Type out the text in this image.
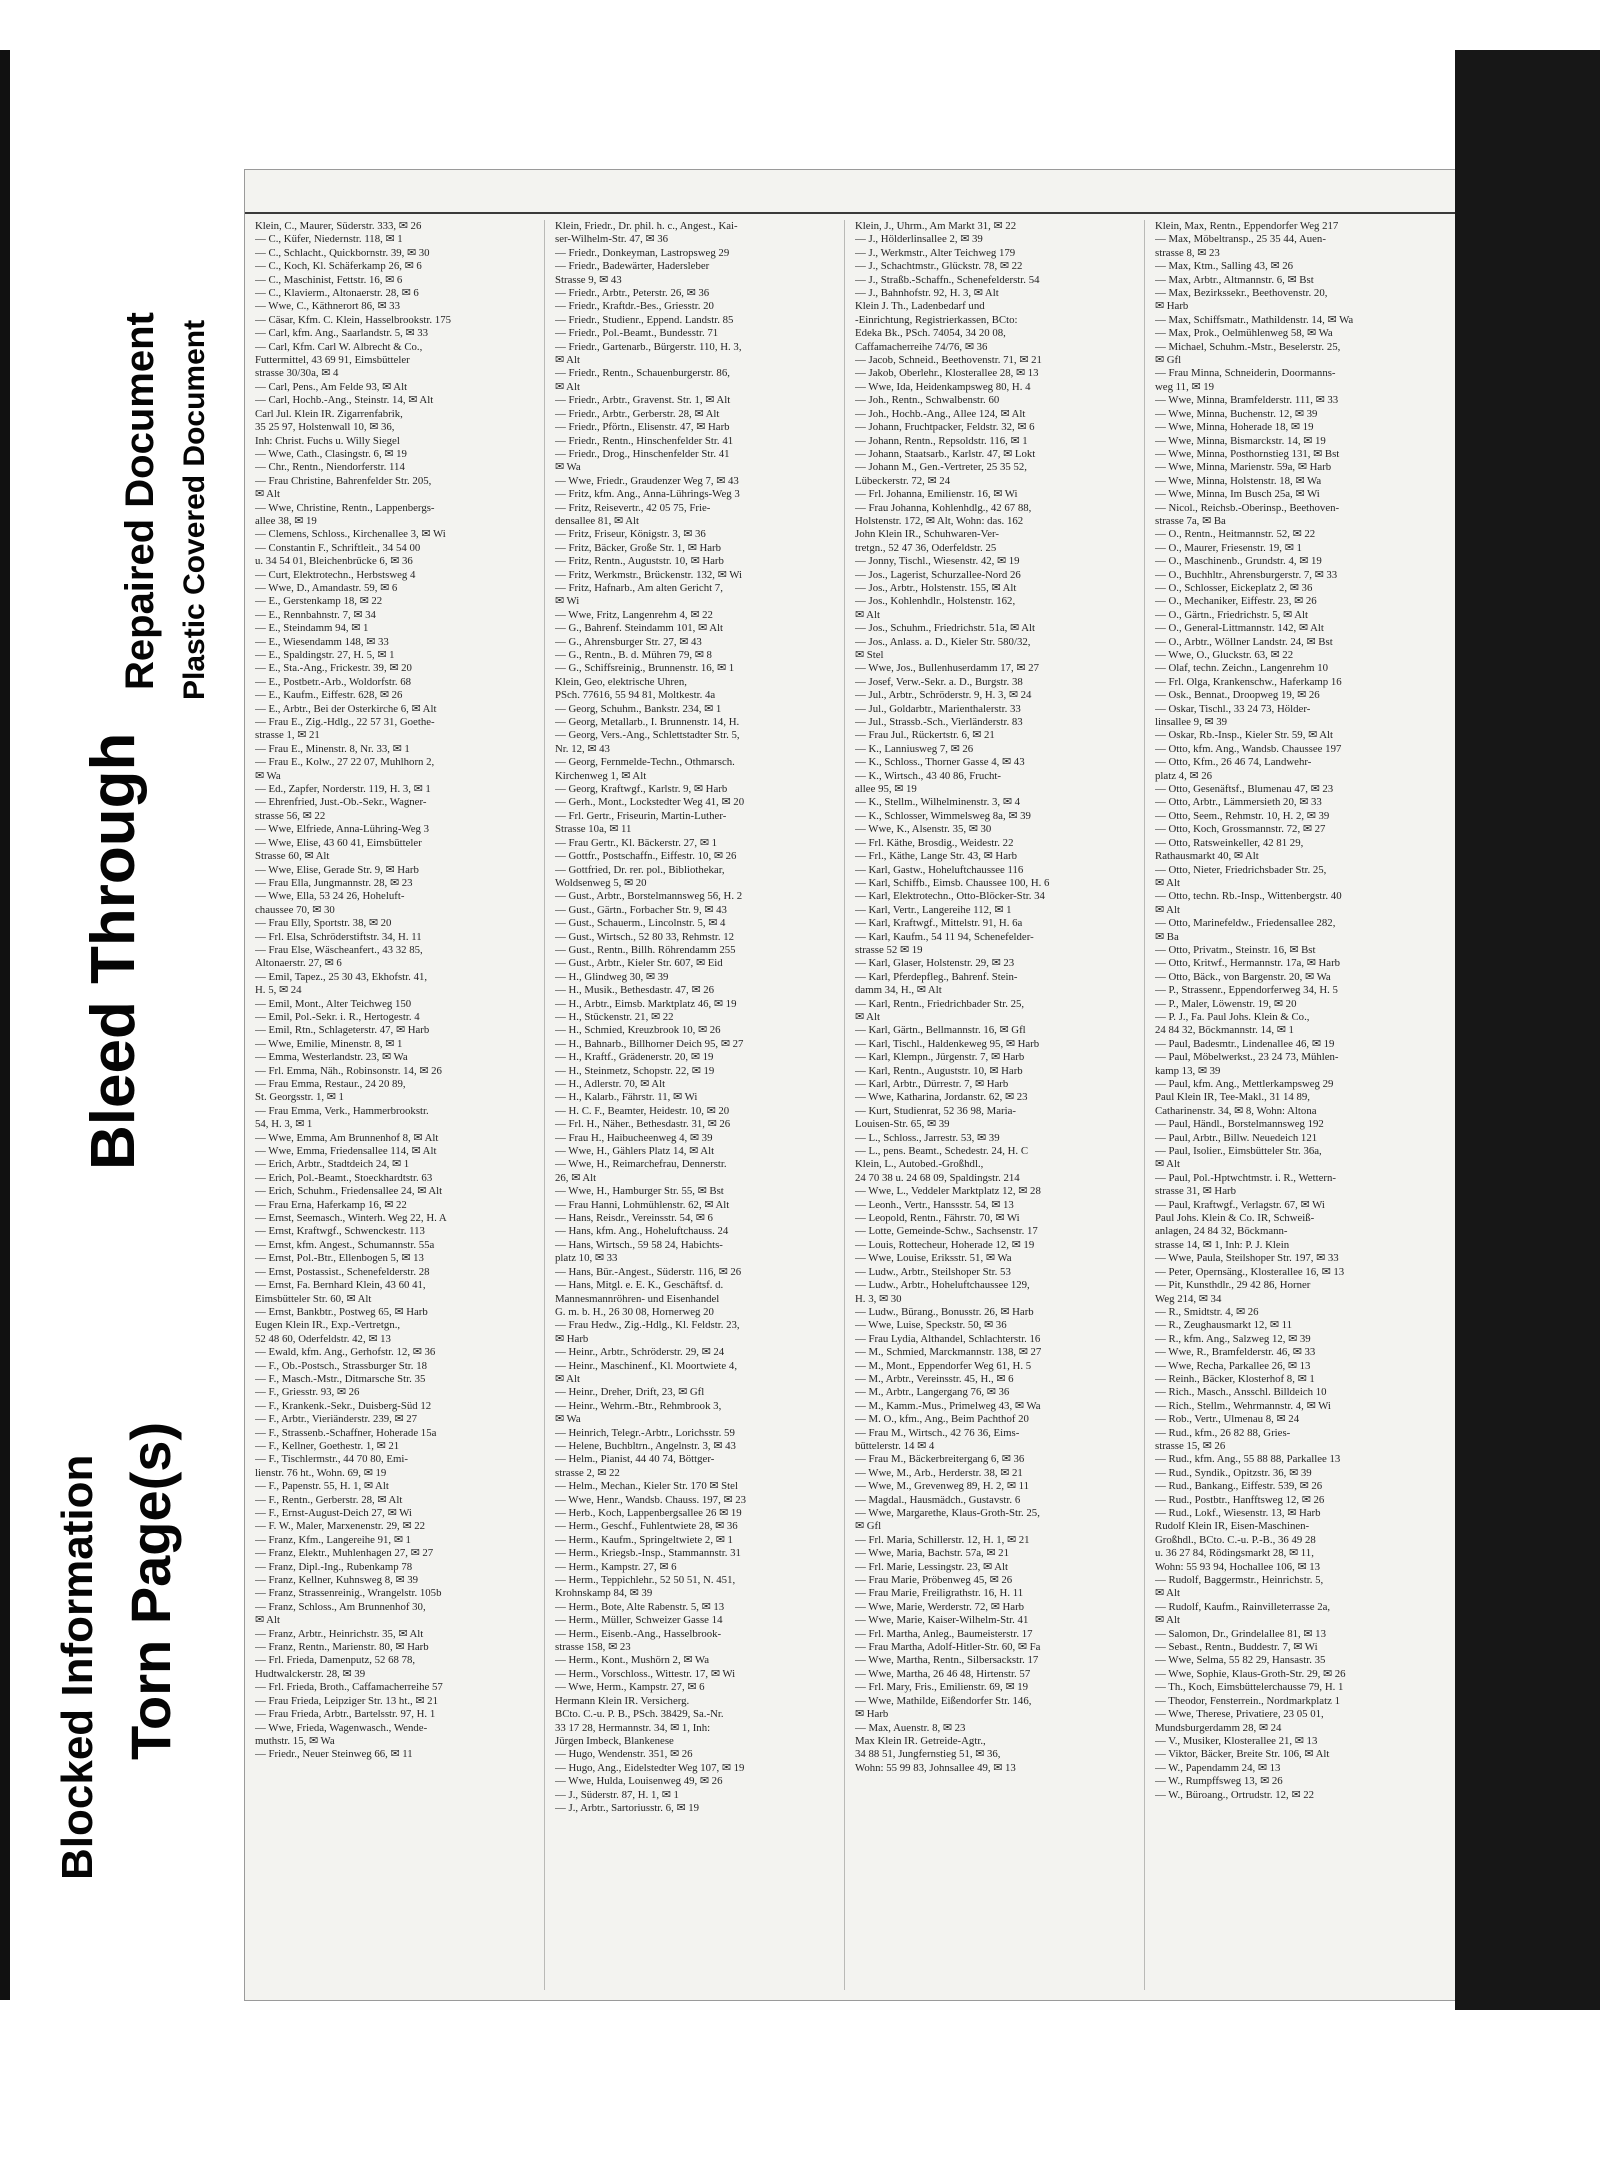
Blocked Information Torn Page(s)
Bleed Through
Repaired Document Plastic Covered Document
Klein, C., Maurer, Süderstr. 333, ✉ 26
— C., Küfer, Niedernstr. 118, ✉ 1
— C., Schlacht., Quickbornstr. 39, ✉ 30
— C., Koch, Kl. Schäferkamp 26, ✉ 6
— C., Maschinist, Fettstr. 16, ✉ 6
— C., Klavierm., Altonaerstr. 28, ✉ 6
— Wwe, C., Käthnerort 86, ✉ 33
— Cäsar, Kfm. C. Klein, Hasselbrookstr. 175
— Carl, kfm. Ang., Saarlandstr. 5, ✉ 33
— Carl, Kfm. Carl W. Albrecht & Co.,
Futtermittel, 43 69 91, Eimsbütteler
strasse 30/30a, ✉ 4
— Carl, Pens., Am Felde 93, ✉ Alt
— Carl, Hochb.-Ang., Steinstr. 14, ✉ Alt
Carl Jul. Klein IR. Zigarrenfabrik,
35 25 97, Holstenwall 10, ✉ 36,
Inh: Christ. Fuchs u. Willy Siegel
— Wwe, Cath., Clasingstr. 6, ✉ 19
— Chr., Rentn., Niendorferstr. 114
— Frau Christine, Bahrenfelder Str. 205,
✉ Alt
— Wwe, Christine, Rentn., Lappenbergs-
allee 38, ✉ 19
— Clemens, Schloss., Kirchenallee 3, ✉ Wi
— Constantin F., Schriftleit., 34 54 00
u. 34 54 01, Bleichenbrücke 6, ✉ 36
— Curt, Elektrotechn., Herbstsweg 4
— Wwe, D., Amandastr. 59, ✉ 6
— E., Gerstenkamp 18, ✉ 22
— E., Rennbahnstr. 7, ✉ 34
— E., Steindamm 94, ✉ 1
— E., Wiesendamm 148, ✉ 33
— E., Spaldingstr. 27, H. 5, ✉ 1
— E., Sta.-Ang., Frickestr. 39, ✉ 20
— E., Postbetr.-Arb., Woldorfstr. 68
— E., Kaufm., Eiffestr. 628, ✉ 26
— E., Arbtr., Bei der Osterkirche 6, ✉ Alt
— Frau E., Zig.-Hdlg., 22 57 31, Goethe-
strasse 1, ✉ 21
— Frau E., Minenstr. 8, Nr. 33, ✉ 1
— Frau E., Kolw., 27 22 07, Muhlhorn 2,
✉ Wa
— Ed., Zapfer, Norderstr. 119, H. 3, ✉ 1
— Ehrenfried, Just.-Ob.-Sekr., Wagner-
strasse 56, ✉ 22
— Wwe, Elfriede, Anna-Lühring-Weg 3
— Wwe, Elise, 43 60 41, Eimsbütteler
Strasse 60, ✉ Alt
— Wwe, Elise, Gerade Str. 9, ✉ Harb
— Frau Ella, Jungmannstr. 28, ✉ 23
— Wwe, Ella, 53 24 26, Hoheluft-
chaussee 70, ✉ 30
— Frau Elly, Sportstr. 38, ✉ 20
— Frl. Elsa, Schröderstiftstr. 34, H. 11
— Frau Else, Wäscheanfert., 43 32 85,
Altonaerstr. 27, ✉ 6
— Emil, Tapez., 25 30 43, Ekhofstr. 41,
H. 5, ✉ 24
— Emil, Mont., Alter Teichweg 150
— Emil, Pol.-Sekr. i. R., Hertogestr. 4
— Emil, Rtn., Schlageterstr. 47, ✉ Harb
— Wwe, Emilie, Minenstr. 8, ✉ 1
— Emma, Westerlandstr. 23, ✉ Wa
— Frl. Emma, Näh., Robinsonstr. 14, ✉ 26
— Frau Emma, Restaur., 24 20 89,
St. Georgsstr. 1, ✉ 1
— Frau Emma, Verk., Hammerbrookstr.
54, H. 3, ✉ 1
— Wwe, Emma, Am Brunnenhof 8, ✉ Alt
— Wwe, Emma, Friedensallee 114, ✉ Alt
— Erich, Arbtr., Stadtdeich 24, ✉ 1
— Erich, Pol.-Beamt., Stoeckhardtstr. 63
— Erich, Schuhm., Friedensallee 24, ✉ Alt
— Frau Erna, Haferkamp 16, ✉ 22
— Ernst, Seemasch., Winterh. Weg 22, H. A
— Ernst, Kraftwgf., Schwenckestr. 113
— Ernst, kfm. Angest., Schumannstr. 55a
— Ernst, Pol.-Btr., Ellenbogen 5, ✉ 13
— Ernst, Postassist., Schenefelderstr. 28
— Ernst, Fa. Bernhard Klein, 43 60 41,
Eimsbütteler Str. 60, ✉ Alt
— Ernst, Bankbtr., Postweg 65, ✉ Harb
Eugen Klein IR., Exp.-Vertretgn.,
52 48 60, Oderfeldstr. 42, ✉ 13
— Ewald, kfm. Ang., Gerhofstr. 12, ✉ 36
— F., Ob.-Postsch., Strassburger Str. 18
— F., Masch.-Mstr., Ditmarsche Str. 35
— F., Griesstr. 93, ✉ 26
— F., Krankenk.-Sekr., Duisberg-Süd 12
— F., Arbtr., Vieriänderstr. 239, ✉ 27
— F., Strassenb.-Schaffner, Hoherade 15a
— F., Kellner, Goethestr. 1, ✉ 21
— F., Tischlermstr., 44 70 80, Emi-
lienstr. 76 ht., Wohn. 69, ✉ 19
— F., Papenstr. 55, H. 1, ✉ Alt
— F., Rentn., Gerberstr. 28, ✉ Alt
— F., Ernst-August-Deich 27, ✉ Wi
— F. W., Maler, Marxenenstr. 29, ✉ 22
— Franz, Kfm., Langereihe 91, ✉ 1
— Franz, Elektr., Muhlenhagen 27, ✉ 27
— Franz, Dipl.-Ing., Rubenkamp 78
— Franz, Kellner, Kuhnsweg 8, ✉ 39
— Franz, Strassenreinig., Wrangelstr. 105b
— Franz, Schloss., Am Brunnenhof 30,
✉ Alt
— Franz, Arbtr., Heinrichstr. 35, ✉ Alt
— Franz, Rentn., Marienstr. 80, ✉ Harb
— Frl. Frieda, Damenputz, 52 68 78,
Hudtwalckerstr. 28, ✉ 39
— Frl. Frieda, Broth., Caffamacherreihe 57
— Frau Frieda, Leipziger Str. 13 ht., ✉ 21
— Frau Frieda, Arbtr., Bartelsstr. 97, H. 1
— Wwe, Frieda, Wagenwasch., Wende-
muthstr. 15, ✉ Wa
— Friedr., Neuer Steinweg 66, ✉ 11
Klein, Friedr., Dr. phil. h. c., Angest., Kai-
ser-Wilhelm-Str. 47, ✉ 36
— Friedr., Donkeyman, Lastropsweg 29
— Friedr., Badewärter, Hadersleber
Strasse 9, ✉ 43
— Friedr., Arbtr., Peterstr. 26, ✉ 36
— Friedr., Kraftdr.-Bes., Griesstr. 20
— Friedr., Studienr., Eppend. Landstr. 85
— Friedr., Pol.-Beamt., Bundesstr. 71
— Friedr., Gartenarb., Bürgerstr. 110, H. 3,
✉ Alt
— Friedr., Rentn., Schauenburgerstr. 86,
✉ Alt
— Friedr., Arbtr., Gravenst. Str. 1, ✉ Alt
— Friedr., Arbtr., Gerberstr. 28, ✉ Alt
— Friedr., Pförtn., Elisenstr. 47, ✉ Harb
— Friedr., Rentn., Hinschenfelder Str. 41
— Friedr., Drog., Hinschenfelder Str. 41
✉ Wa
— Wwe, Friedr., Graudenzer Weg 7, ✉ 43
— Fritz, kfm. Ang., Anna-Lührings-Weg 3
— Fritz, Reisevertr., 42 05 75, Frie-
densallee 81, ✉ Alt
— Fritz, Friseur, Königstr. 3, ✉ 36
— Fritz, Bäcker, Große Str. 1, ✉ Harb
— Fritz, Rentn., Auguststr. 10, ✉ Harb
— Fritz, Werkmstr., Brückenstr. 132, ✉ Wi
— Fritz, Hafnarb., Am alten Gericht 7,
✉ Wi
— Wwe, Fritz, Langenrehm 4, ✉ 22
— G., Bahrenf. Steindamm 101, ✉ Alt
— G., Ahrensburger Str. 27, ✉ 43
— G., Rentn., B. d. Mühren 79, ✉ 8
— G., Schiffsreinig., Brunnenstr. 16, ✉ 1
Klein, Geo, elektrische Uhren,
PSch. 77616, 55 94 81, Moltkestr. 4a
— Georg, Schuhm., Bankstr. 234, ✉ 1
— Georg, Metallarb., I. Brunnenstr. 14, H.
— Georg, Vers.-Ang., Schlettstadter Str. 5,
Nr. 12, ✉ 43
— Georg, Fernmelde-Techn., Othmarsch.
Kirchenweg 1, ✉ Alt
— Georg, Kraftwgf., Karlstr. 9, ✉ Harb
— Gerh., Mont., Lockstedter Weg 41, ✉ 20
— Frl. Gertr., Friseurin, Martin-Luther-
Strasse 10a, ✉ 11
— Frau Gertr., Kl. Bäckerstr. 27, ✉ 1
— Gottfr., Postschaffn., Eiffestr. 10, ✉ 26
— Gottfried, Dr. rer. pol., Bibliothekar,
Woldsenweg 5, ✉ 20
— Gust., Arbtr., Borstelmannsweg 56, H. 2
— Gust., Gärtn., Forbacher Str. 9, ✉ 43
— Gust., Schauerm., Lincolnstr. 5, ✉ 4
— Gust., Wirtsch., 52 80 33, Rehmstr. 12
— Gust., Rentn., Billh. Röhrendamm 255
— Gust., Arbtr., Kieler Str. 607, ✉ Eid
— H., Glindweg 30, ✉ 39
— H., Musik., Bethesdastr. 47, ✉ 26
— H., Arbtr., Eimsb. Marktplatz 46, ✉ 19
— H., Stückenstr. 21, ✉ 22
— H., Schmied, Kreuzbrook 10, ✉ 26
— H., Bahnarb., Billhorner Deich 95, ✉ 27
— H., Kraftf., Grädenerstr. 20, ✉ 19
— H., Steinmetz, Schopstr. 22, ✉ 19
— H., Adlerstr. 70, ✉ Alt
— H., Kalarb., Fährstr. 11, ✉ Wi
— H. C. F., Beamter, Heidestr. 10, ✉ 20
— Frl. H., Näher., Bethesdastr. 31, ✉ 26
— Frau H., Haibucheenweg 4, ✉ 39
— Wwe, H., Gählers Platz 14, ✉ Alt
— Wwe, H., Reimarchefrau, Dennerstr.
26, ✉ Alt
— Wwe, H., Hamburger Str. 55, ✉ Bst
— Frau Hanni, Lohmühlenstr. 62, ✉ Alt
— Hans, Reisdr., Vereinsstr. 54, ✉ 6
— Hans, kfm. Ang., Hoheluftchauss. 24
— Hans, Wirtsch., 59 58 24, Habichts-
platz 10, ✉ 33
— Hans, Bür.-Angest., Süderstr. 116, ✉ 26
— Hans, Mitgl. e. E. K., Geschäftsf. d.
Mannesmannröhren- und Eisenhandel
G. m. b. H., 26 30 08, Hornerweg 20
— Frau Hedw., Zig.-Hdlg., Kl. Feldstr. 23,
✉ Harb
— Heinr., Arbtr., Schröderstr. 29, ✉ 24
— Heinr., Maschinenf., Kl. Moortwiete 4,
✉ Alt
— Heinr., Dreher, Drift, 23, ✉ Gfl
— Heinr., Wehrm.-Btr., Rehmbrook 3,
✉ Wa
— Heinrich, Telegr.-Arbtr., Lorichsstr. 59
— Helene, Buchbltrn., Angelnstr. 3, ✉ 43
— Helm., Pianist, 44 40 74, Böttger-
strasse 2, ✉ 22
— Helm., Mechan., Kieler Str. 170 ✉ Stel
— Wwe, Henr., Wandsb. Chauss. 197, ✉ 23
— Herb., Koch, Lappenbergsallee 26 ✉ 19
— Herm., Geschf., Fuhlentwiete 28, ✉ 36
— Herm., Kaufm., Springeltwiete 2, ✉ 1
— Herm., Kriegsb.-Insp., Stammannstr. 31
— Herm., Kampstr. 27, ✉ 6
— Herm., Teppichlehr., 52 50 51, N. 451,
Krohnskamp 84, ✉ 39
— Herm., Bote, Alte Rabenstr. 5, ✉ 13
— Herm., Müller, Schweizer Gasse 14
— Herm., Eisenb.-Ang., Hasselbrook-
strasse 158, ✉ 23
— Herm., Kont., Mushörn 2, ✉ Wa
— Herm., Vorschloss., Wittestr. 17, ✉ Wi
— Wwe, Herm., Kampstr. 27, ✉ 6
Hermann Klein IR. Versicherg.
BCto. C.-u. P. B., PSch. 38429, Sa.-Nr.
33 17 28, Hermannstr. 34, ✉ 1, Inh:
Jürgen Imbeck, Blankenese
— Hugo, Wendenstr. 351, ✉ 26
— Hugo, Ang., Eidelstedter Weg 107, ✉ 19
— Wwe, Hulda, Louisenweg 49, ✉ 26
— J., Süderstr. 87, H. 1, ✉ 1
— J., Arbtr., Sartoriusstr. 6, ✉ 19
Klein, J., Uhrm., Am Markt 31, ✉ 22
— J., Hölderlinsallee 2, ✉ 39
— J., Werkmstr., Alter Teichweg 179
— J., Schachtmstr., Glückstr. 78, ✉ 22
— J., Straßb.-Schaffn., Schenefelderstr. 54
— J., Bahnhofstr. 92, H. 3, ✉ Alt
Klein J. Th., Ladenbedarf und
-Einrichtung, Registrierkassen, BCto:
Edeka Bk., PSch. 74054, 34 20 08,
Caffamacherreihe 74/76, ✉ 36
— Jacob, Schneid., Beethovenstr. 71, ✉ 21
— Jakob, Oberlehr., Klosterallee 28, ✉ 13
— Wwe, Ida, Heidenkampsweg 80, H. 4
— Joh., Rentn., Schwalbenstr. 60
— Joh., Hochb.-Ang., Allee 124, ✉ Alt
— Johann, Fruchtpacker, Feldstr. 32, ✉ 6
— Johann, Rentn., Repsoldstr. 116, ✉ 1
— Johann, Staatsarb., Karlstr. 47, ✉ Lokt
— Johann M., Gen.-Vertreter, 25 35 52,
Lübeckerstr. 72, ✉ 24
— Frl. Johanna, Emilienstr. 16, ✉ Wi
— Frau Johanna, Kohlenhdlg., 42 67 88,
Holstenstr. 172, ✉ Alt, Wohn: das. 162
John Klein IR., Schuhwaren-Ver-
tretgn., 52 47 36, Oderfeldstr. 25
— Jonny, Tischl., Wiesenstr. 42, ✉ 19
— Jos., Lagerist, Schurzallee-Nord 26
— Jos., Arbtr., Holstenstr. 155, ✉ Alt
— Jos., Kohlenhdlr., Holstenstr. 162,
✉ Alt
— Jos., Schuhm., Friedrichstr. 51a, ✉ Alt
— Jos., Anlass. a. D., Kieler Str. 580/32,
✉ Stel
— Wwe, Jos., Bullenhuserdamm 17, ✉ 27
— Josef, Verw.-Sekr. a. D., Burgstr. 38
— Jul., Arbtr., Schröderstr. 9, H. 3, ✉ 24
— Jul., Goldarbtr., Marienthalerstr. 33
— Jul., Strassb.-Sch., Vierländerstr. 83
— Frau Jul., Rückertstr. 6, ✉ 21
— K., Lanniusweg 7, ✉ 26
— K., Schloss., Thorner Gasse 4, ✉ 43
— K., Wirtsch., 43 40 86, Frucht-
allee 95, ✉ 19
— K., Stellm., Wilhelminenstr. 3, ✉ 4
— K., Schlosser, Wimmelsweg 8a, ✉ 39
— Wwe, K., Alsenstr. 35, ✉ 30
— Frl. Käthe, Brosdig., Weidestr. 22
— Frl., Käthe, Lange Str. 43, ✉ Harb
— Karl, Gastw., Hoheluftchaussee 116
— Karl, Schiffb., Eimsb. Chaussee 100, H. 6
— Karl, Elektrotechn., Otto-Blöcker-Str. 34
— Karl, Vertr., Langereihe 112, ✉ 1
— Karl, Kraftwgf., Mittelstr. 91, H. 6a
— Karl, Kaufm., 54 11 94, Schenefelder-
strasse 52 ✉ 19
— Karl, Glaser, Holstenstr. 29, ✉ 23
— Karl, Pferdepfleg., Bahrenf. Stein-
damm 34, H., ✉ Alt
— Karl, Rentn., Friedrichbader Str. 25,
✉ Alt
— Karl, Gärtn., Bellmannstr. 16, ✉ Gfl
— Karl, Tischl., Haldenkeweg 95, ✉ Harb
— Karl, Klempn., Jürgenstr. 7, ✉ Harb
— Karl, Rentn., Auguststr. 10, ✉ Harb
— Karl, Arbtr., Dürrestr. 7, ✉ Harb
— Wwe, Katharina, Jordanstr. 62, ✉ 23
— Kurt, Studienrat, 52 36 98, Maria-
Louisen-Str. 65, ✉ 39
— L., Schloss., Jarrestr. 53, ✉ 39
— L., pens. Beamt., Schedestr. 24, H. C
Klein, L., Autobed.-Großhdl.,
24 70 38 u. 24 68 09, Spaldingstr. 214
— Wwe, L., Veddeler Marktplatz 12, ✉ 28
— Leonh., Vertr., Hanssstr. 54, ✉ 13
— Leopold, Rentn., Fährstr. 70, ✉ Wi
— Lotte, Gemeinde-Schw., Sachsenstr. 17
— Louis, Rottecheur, Hoherade 12, ✉ 19
— Wwe, Louise, Eriksstr. 51, ✉ Wa
— Ludw., Arbtr., Steilshoper Str. 53
— Ludw., Arbtr., Hoheluftchaussee 129,
H. 3, ✉ 30
— Ludw., Bürang., Bonusstr. 26, ✉ Harb
— Wwe, Luise, Speckstr. 50, ✉ 36
— Frau Lydia, Althandel, Schlachterstr. 16
— M., Schmied, Marckmannstr. 138, ✉ 27
— M., Mont., Eppendorfer Weg 61, H. 5
— M., Arbtr., Vereinsstr. 45, H., ✉ 6
— M., Arbtr., Langergang 76, ✉ 36
— M., Kamm.-Mus., Primelweg 43, ✉ Wa
— M. O., kfm., Ang., Beim Pachthof 20
— Frau M., Wirtsch., 42 76 36, Eims-
büttelerstr. 14 ✉ 4
— Frau M., Bäckerbreitergang 6, ✉ 36
— Wwe, M., Arb., Herderstr. 38, ✉ 21
— Wwe, M., Grevenweg 89, H. 2, ✉ 11
— Magdal., Hausmädch., Gustavstr. 6
— Wwe, Margarethe, Klaus-Groth-Str. 25,
✉ Gfl
— Frl. Maria, Schillerstr. 12, H. 1, ✉ 21
— Wwe, Maria, Bachstr. 57a, ✉ 21
— Frl. Marie, Lessingstr. 23, ✉ Alt
— Frau Marie, Pröbenweg 45, ✉ 26
— Frau Marie, Freiligrathstr. 16, H. 11
— Wwe, Marie, Werderstr. 72, ✉ Harb
— Wwe, Marie, Kaiser-Wilhelm-Str. 41
— Frl. Martha, Anleg., Baumeisterstr. 17
— Frau Martha, Adolf-Hitler-Str. 60, ✉ Fa
— Wwe, Martha, Rentn., Silbersackstr. 17
— Wwe, Martha, 26 46 48, Hirtenstr. 57
— Frl. Mary, Fris., Emilienstr. 69, ✉ 19
— Wwe, Mathilde, Eißendorfer Str. 146,
✉ Harb
— Max, Auenstr. 8, ✉ 23
Max Klein IR. Getreide-Agtr.,
34 88 51, Jungfernstieg 51, ✉ 36,
Wohn: 55 99 83, Johnsallee 49, ✉ 13
Klein, Max, Rentn., Eppendorfer Weg 217
— Max, Möbeltransp., 25 35 44, Auen-
strasse 8, ✉ 23
— Max, Ktm., Salling 43, ✉ 26
— Max, Arbtr., Altmannstr. 6, ✉ Bst
— Max, Bezirkssekr., Beethovenstr. 20,
✉ Harb
— Max, Schiffsmatr., Mathildenstr. 14, ✉ Wa
— Max, Prok., Oelmühlenweg 58, ✉ Wa
— Michael, Schuhm.-Mstr., Beselerstr. 25,
✉ Gfl
— Frau Minna, Schneiderin, Doormanns-
weg 11, ✉ 19
— Wwe, Minna, Bramfelderstr. 111, ✉ 33
— Wwe, Minna, Buchenstr. 12, ✉ 39
— Wwe, Minna, Hoherade 18, ✉ 19
— Wwe, Minna, Bismarckstr. 14, ✉ 19
— Wwe, Minna, Posthornstieg 131, ✉ Bst
— Wwe, Minna, Marienstr. 59a, ✉ Harb
— Wwe, Minna, Holstenstr. 18, ✉ Wa
— Wwe, Minna, Im Busch 25a, ✉ Wi
— Nicol., Reichsb.-Oberinsp., Beethoven-
strasse 7a, ✉ Ba
— O., Rentn., Heitmannstr. 52, ✉ 22
— O., Maurer, Friesenstr. 19, ✉ 1
— O., Maschinenb., Grundstr. 4, ✉ 19
— O., Buchhltr., Ahrensburgerstr. 7, ✉ 33
— O., Schlosser, Eickeplatz 2, ✉ 36
— O., Mechaniker, Eiffestr. 23, ✉ 26
— O., Gärtn., Friedrichstr. 5, ✉ Alt
— O., General-Littmannstr. 142, ✉ Alt
— O., Arbtr., Wöllner Landstr. 24, ✉ Bst
— Wwe, O., Gluckstr. 63, ✉ 22
— Olaf, techn. Zeichn., Langenrehm 10
— Frl. Olga, Krankenschw., Haferkamp 16
— Osk., Bennat., Droopweg 19, ✉ 26
— Oskar, Tischl., 33 24 73, Hölder-
linsallee 9, ✉ 39
— Oskar, Rb.-Insp., Kieler Str. 59, ✉ Alt
— Otto, kfm. Ang., Wandsb. Chaussee 197
— Otto, Kfm., 26 46 74, Landwehr-
platz 4, ✉ 26
— Otto, Gesenäftsf., Blumenau 47, ✉ 23
— Otto, Arbtr., Lämmersieth 20, ✉ 33
— Otto, Seem., Rehmstr. 10, H. 2, ✉ 39
— Otto, Koch, Grossmannstr. 72, ✉ 27
— Otto, Ratsweinkeller, 42 81 29,
Rathausmarkt 40, ✉ Alt
— Otto, Nieter, Friedrichsbader Str. 25,
✉ Alt
— Otto, techn. Rb.-Insp., Wittenbergstr. 40
✉ Alt
— Otto, Marinefeldw., Friedensallee 282,
✉ Ba
— Otto, Privatm., Steinstr. 16, ✉ Bst
— Otto, Kritwf., Hermannstr. 17a, ✉ Harb
— Otto, Bäck., von Bargenstr. 20, ✉ Wa
— P., Strassenr., Eppendorferweg 34, H. 5
— P., Maler, Löwenstr. 19, ✉ 20
— P. J., Fa. Paul Johs. Klein & Co.,
24 84 32, Böckmannstr. 14, ✉ 1
— Paul, Badesmtr., Lindenallee 46, ✉ 19
— Paul, Möbelwerkst., 23 24 73, Mühlen-
kamp 13, ✉ 39
— Paul, kfm. Ang., Mettlerkampsweg 29
Paul Klein IR, Tee-Makl., 31 14 89,
Catharinenstr. 34, ✉ 8, Wohn: Altona
— Paul, Händl., Borstelmannsweg 192
— Paul, Arbtr., Billw. Neuedeich 121
— Paul, Isolier., Eimsbütteler Str. 36a,
✉ Alt
— Paul, Pol.-Hptwchtmstr. i. R., Wettern-
strasse 31, ✉ Harb
— Paul, Kraftwgf., Verlagstr. 67, ✉ Wi
Paul Johs. Klein & Co. IR, Schweiß-
anlagen, 24 84 32, Böckmann-
strasse 14, ✉ 1, Inh: P. J. Klein
— Wwe, Paula, Steilshoper Str. 197, ✉ 33
— Peter, Opernsäng., Klosterallee 16, ✉ 13
— Pit, Kunsthdlr., 29 42 86, Horner
Weg 214, ✉ 34
— R., Smidtstr. 4, ✉ 26
— R., Zeughausmarkt 12, ✉ 11
— R., kfm. Ang., Salzweg 12, ✉ 39
— Wwe, R., Bramfelderstr. 46, ✉ 33
— Wwe, Recha, Parkallee 26, ✉ 13
— Reinh., Bäcker, Klosterhof 8, ✉ 1
— Rich., Masch., Ansschl. Billdeich 10
— Rich., Stellm., Wehrmannstr. 4, ✉ Wi
— Rob., Vertr., Ulmenau 8, ✉ 24
— Rud., kfm., 26 82 88, Gries-
strasse 15, ✉ 26
— Rud., kfm. Ang., 55 88 88, Parkallee 13
— Rud., Syndik., Opitzstr. 36, ✉ 39
— Rud., Bankang., Eiffestr. 539, ✉ 26
— Rud., Postbtr., Hanfftsweg 12, ✉ 26
— Rud., Lokf., Wiesenstr. 13, ✉ Harb
Rudolf Klein IR, Eisen-Maschinen-
Großhdl., BCto. C.-u. P.-B., 36 49 28
u. 36 27 84, Rödingsmarkt 28, ✉ 11,
Wohn: 55 93 94, Hochallee 106, ✉ 13
— Rudolf, Baggermstr., Heinrichstr. 5,
✉ Alt
— Rudolf, Kaufm., Rainvilleterrasse 2a,
✉ Alt
— Salomon, Dr., Grindelallee 81, ✉ 13
— Sebast., Rentn., Buddestr. 7, ✉ Wi
— Wwe, Selma, 55 82 29, Hansastr. 35
— Wwe, Sophie, Klaus-Groth-Str. 29, ✉ 26
— Th., Koch, Eimsbüttelerchausse 79, H. 1
— Theodor, Fensterrein., Nordmarkplatz 1
— Wwe, Therese, Privatiere, 23 05 01,
Mundsburgerdamm 28, ✉ 24
— V., Musiker, Klosterallee 21, ✉ 13
— Viktor, Bäcker, Breite Str. 106, ✉ Alt
— W., Papendamm 24, ✉ 13
— W., Rumpffsweg 13, ✉ 26
— W., Büroang., Ortrudstr. 12, ✉ 22
